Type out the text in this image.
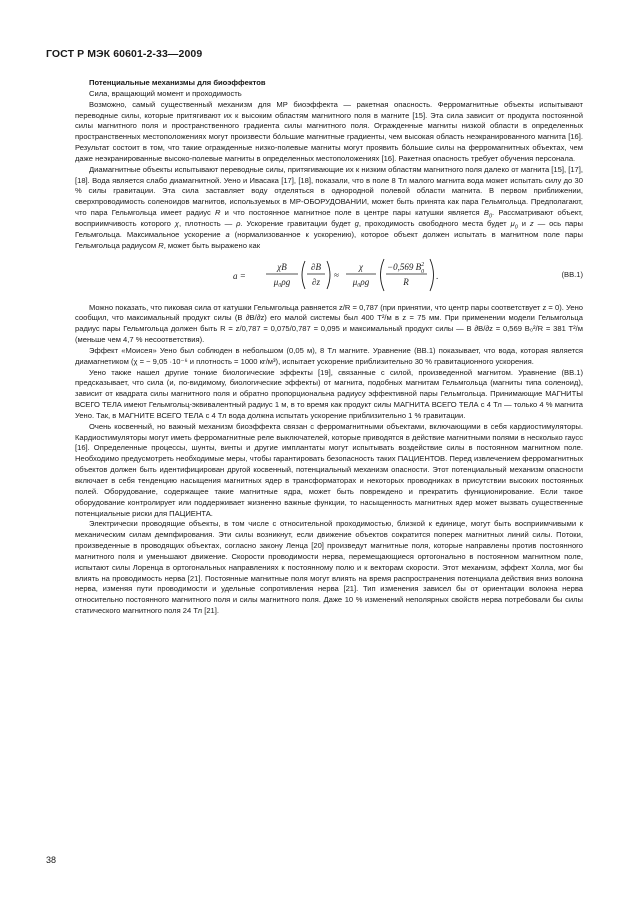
ГОСТ Р МЭК 60601-2-33—2009

Потенциальные механизмы для биоэффектов

Сила, вращающий момент и проходимость

Возможно, самый существенный механизм для МР биоэффекта — ракетная опасность. Ферромагнитные объекты испытывают переводные силы, которые притягивают их к высоким областям магнитного поля в магните [15]. Эта сила зависит от продукта постоянной силы магнитного поля и пространственного градиента силы магнитного поля. Огражденные магниты низкой области в определенных пространственных местоположениях могут произвести бо́льшие магнитные градиенты, чем высокая область неэкранированного магнита [16]. Результат состоит в том, что такие огражденные низко-полевые магниты могут проявить бо́льшие силы на ферромагнитных объектах, чем даже неэкранированные высоко-полевые магниты в определенных местоположениях [16]. Ракетная опасность требует обучения персонала.

Диамагнитные объекты испытывают переводные силы, притягивающие их к низким областям магнитного поля далеко от магнита [15], [17], [18]. Вода является слабо диамагнитной. Уено и Ивасака [17], [18], показали, что в поле 8 Тл малого магнита вода может испытать силу до 30 % силы гравитации. Эта сила заставляет воду отделяться в однородной полевой области магнита. В первом приближении, сверхпроводимость соленоидов магнитов, используемых в МР-ОБОРУДОВАНИИ, может быть принята как пара Гельмгольца. Предполагают, что пара Гельмгольца имеет радиус R и что постоянное магнитное поле в центре пары катушки является $B_0$. Рассматривают объект, восприимчивость которого χ, плотность — ρ. Ускорение гравитации будет g, проходимость свободного места будет $\mu_0$ и z — ось пары Гельмгольца. Максимальное ускорение a (нормализованное к ускорению), которое объект должен испытать в магнитном поле пары Гельмгольца радиусом R, может быть выражено как

a =
χB
μ₀ρg
∂B
∂z
≈
χ
μ₀ρg
−0,569 $B^2$ 0
R
.	(ВВ.1)

Можно показать, что пиковая сила от катушки Гельмгольца равняется z/R = 0,787 (при принятии, что центр пары соответствует z = 0). Уено сообщил, что максимальный продукт силы (B ∂B/∂z) его малой системы был 400 T²/м в z = 75 мм. При применении модели Гельмгольца радиус пары Гельмгольца должен быть R = z/0,787 = 0,075/0,787 = 0,095 и максимальный продукт силы — B ∂B/∂z = 0,569 B₀²/R = 381 T²/м (меньше чем 4,7 % несоответствия).

Эффект «Моисея» Уено был соблюден в небольшом (0,05 м), 8 Тл магните. Уравнение (ВВ.1) показывает, что вода, которая является диамагнетиком (χ = − 9,05 ·10⁻⁶ и плотность = 1000 кг/м³), испытает ускорение приблизительно 30 % гравитационного ускорения.

Уено также нашел другие тонкие биологические эффекты [19], связанные с силой, произведенной магнитом. Уравнение (ВВ.1) предсказывает, что сила (и, по-видимому, биологические эффекты) от магнита, подобных магнитам Гельмгольца (магниты типа соленоид), зависит от квадрата силы магнитного поля и обратно пропорциональна радиусу эффективной пары Гельмгольца. Принимающие МАГНИТЫ ВСЕГО ТЕЛА имеют Гельмгольц-эквивалентный радиус 1 м, в то время как продукт силы МАГНИТА ВСЕГО ТЕЛА с 4 Тл — только 4 % магнита Уено. Так, в МАГНИТЕ ВСЕГО ТЕЛА с 4 Тл вода должна испытать ускорение приблизительно 1 % гравитации.

Очень косвенный, но важный механизм биоэффекта связан с ферромагнитными объектами, включающими в себя кардиостимуляторы. Кардиостимуляторы могут иметь ферромагнитные реле выключателей, которые приводятся в действие магнитными полями в несколько гаусс [16]. Определенные процессы, шунты, винты и другие имплантаты могут испытывать воздействие силы в постоянном магнитном поле. Необходимо предусмотреть необходимые меры, чтобы гарантировать безопасность таких ПАЦИЕНТОВ. Перед извлечением ферромагнитных объектов должен быть идентифицирован другой косвенный, потенциальный механизм опасности. Этот потенциальный механизм опасности включает в себя тенденцию насыщения магнитных ядер в трансформаторах и некоторых проводниках в присутствии высоких постоянных полей. Оборудование, содержащее такие магнитные ядра, может быть повреждено и прекратить функционирование. Если такое оборудование контролирует или поддерживает жизненно важные функции, то насыщенность магнитных ядер может вызвать существенные потенциальные риски для ПАЦИЕНТА.

Электрически проводящие объекты, в том числе с относительной проходимостью, близкой к единице, могут быть восприимчивыми к механическим силам демпфирования. Эти силы возникнут, если движение объектов сократится поперек магнитных линий силы. Потоки, произведенные в проводящих объектах, согласно закону Ленца [20] произведут магнитные поля, которые направлены против постоянного магнитного поля и уменьшают движение. Скорости проводимости нерва, перемещающиеся ортогонально в постоянном магнитном поле, испытают силы Лоренца в ортогональных направлениях к постоянному полю и к векторам скорости. Этот механизм, эффект Холла, мог бы влиять на проводимость нерва [21]. Постоянные магнитные поля могут влиять на время распространения потенциала действия вниз волокна нерва, изменяя пути проводимости и удельные сопротивления нерва [21]. Тип изменения зависел бы от ориентации волокна нерва относительно постоянного магнитного поля и силы магнитного поля. Даже 10 % изменений неполярных свойств нерва потребовали бы силы статического магнитного поля 24 Тл [21].

38
